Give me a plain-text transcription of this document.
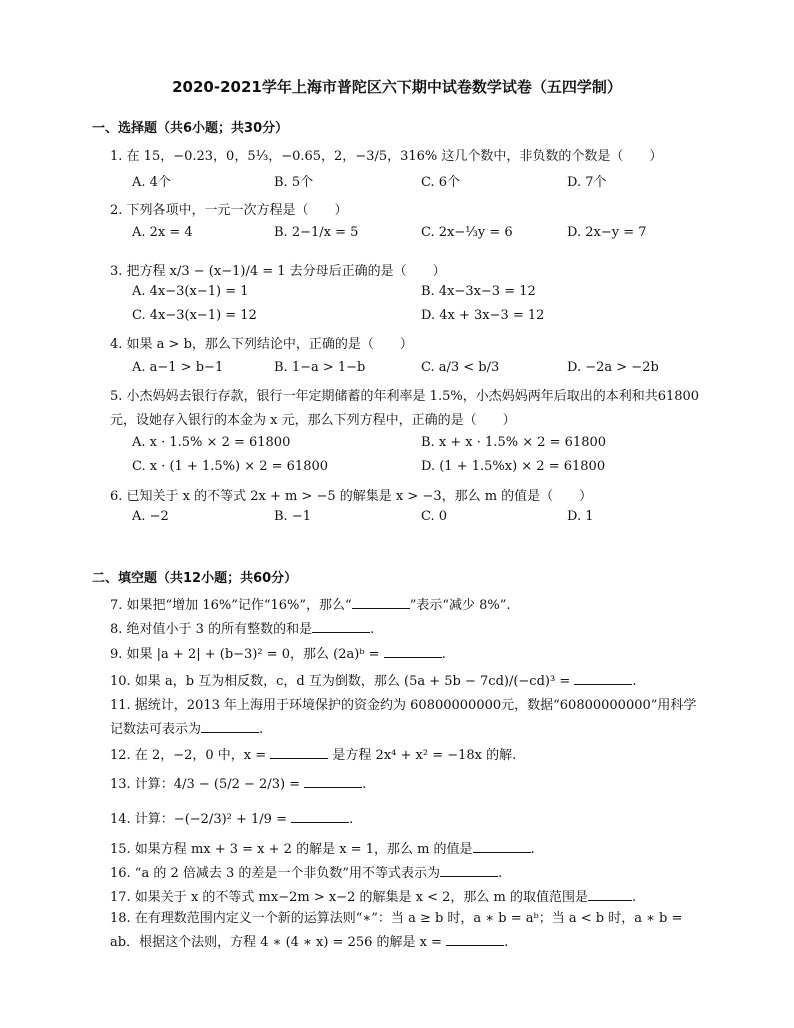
2020-2021学年上海市普陀区六下期中试卷数学试卷（五四学制）
一、选择题（共6小题；共30分）
1. 在 15，−0.23，0，5⅓，−0.65，2，−3/5，316% 这几个数中，非负数的个数是（　　）
A. 4个	B. 5个	C. 6个	D. 7个
2. 下列各项中，一元一次方程是（　　）
A. 2x = 4	B. 2−1/x = 5	C. 2x−⅓y = 6	D. 2x−y = 7
3. 把方程 x/3 − (x−1)/4 = 1 去分母后正确的是（　　）
A. 4x−3(x−1) = 1	B. 4x−3x−3 = 12
C. 4x−3(x−1) = 12	D. 4x + 3x−3 = 12
4. 如果 a > b，那么下列结论中，正确的是（　　）
A. a−1 > b−1	B. 1−a > 1−b	C. a/3 < b/3	D. −2a > −2b
5. 小杰妈妈去银行存款，银行一年定期储蓄的年利率是 1.5%，小杰妈妈两年后取出的本利和共61800元，设她存入银行的本金为 x 元，那么下列方程中，正确的是（　　）
A. x · 1.5% × 2 = 61800	B. x + x · 1.5% × 2 = 61800
C. x · (1 + 1.5%) × 2 = 61800	D. (1 + 1.5%x) × 2 = 61800
6. 已知关于 x 的不等式 2x + m > −5 的解集是 x > −3，那么 m 的值是（　　）
A. −2	B. −1	C. 0	D. 1
二、填空题（共12小题；共60分）
7. 如果把“增加 16%”记作“16%”，那么“	”表示“减少 8%”.
8. 绝对值小于 3 的所有整数的和是	.
9. 如果 |a + 2| + (b−3)² = 0，那么 (2a)ᵇ =	.
10. 如果 a，b 互为相反数，c，d 互为倒数，那么 (5a + 5b − 7cd)/(−cd)³ =	.
11. 据统计，2013 年上海用于环境保护的资金约为 60800000000元，数据“60800000000”用科学记数法可表示为	.
12. 在 2，−2，0 中，x =	是方程 2x⁴ + x² = −18x 的解.
13. 计算：4/3 − (5/2 − 2/3) =	.
14. 计算：−(−2/3)² + 1/9 =	.
15. 如果方程 mx + 3 = x + 2 的解是 x = 1，那么 m 的值是	.
16. “a 的 2 倍减去 3 的差是一个非负数”用不等式表示为	.
17. 如果关于 x 的不等式 mx−2m > x−2 的解集是 x < 2，那么 m 的取值范围是	.
18. 在有理数范围内定义一个新的运算法则“∗”：当 a ≥ b 时，a ∗ b = aᵇ；当 a < b 时，a ∗ b = ab．根据这个法则，方程 4 ∗ (4 ∗ x) = 256 的解是 x =	.
